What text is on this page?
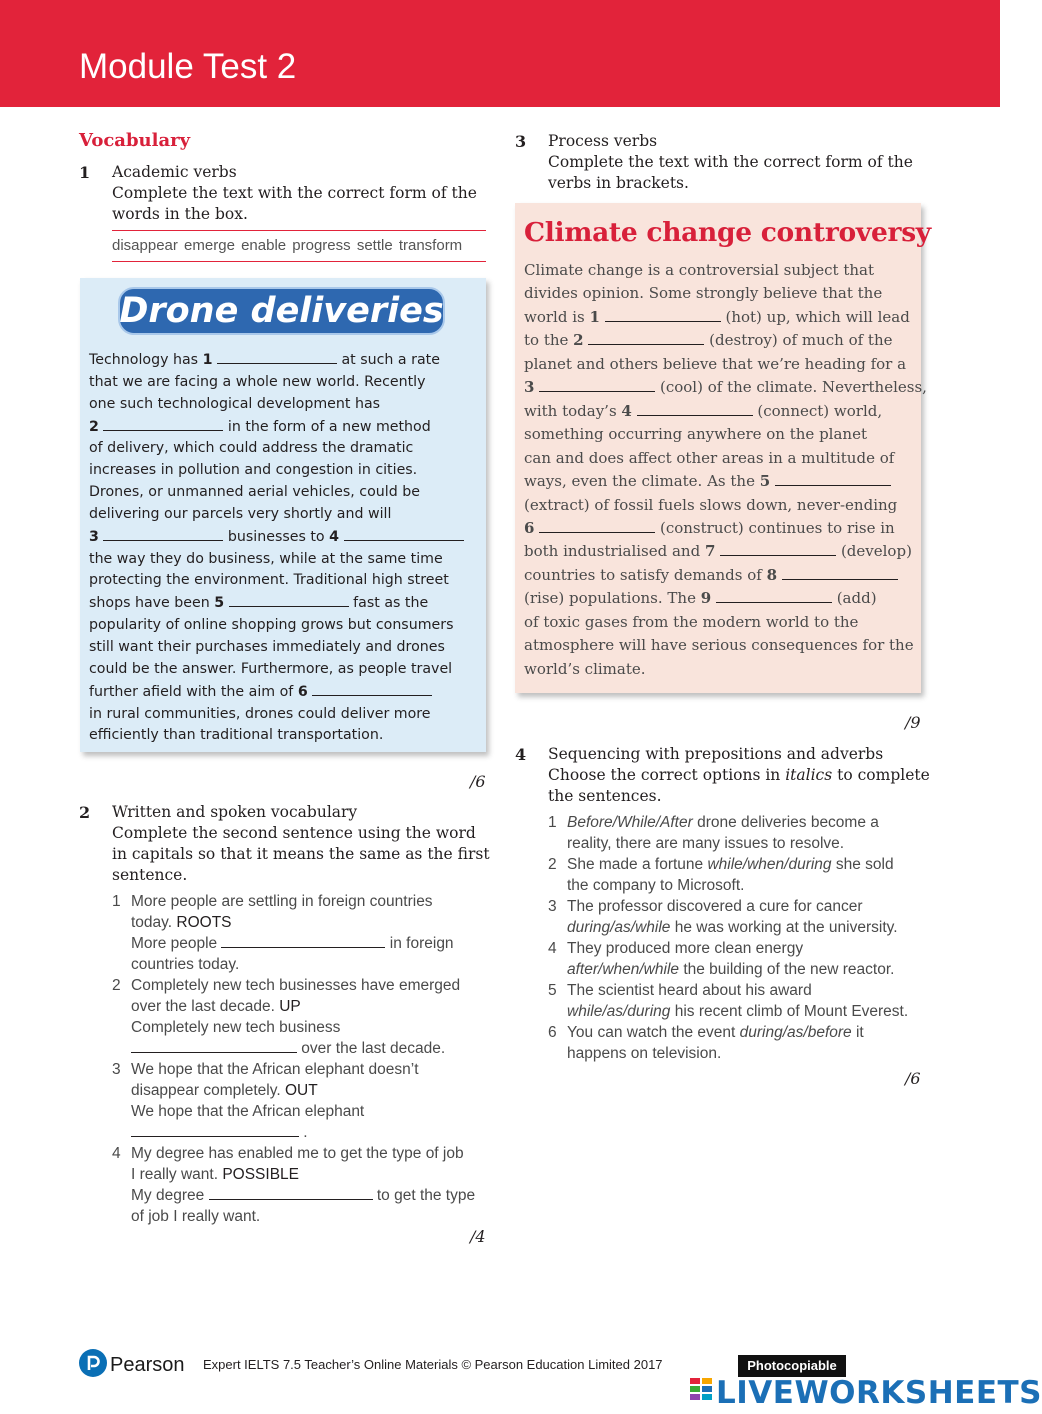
Module Test 2
Vocabulary
1 Academic verbs
Complete the text with the correct form of the
words in the box.
disappear emerge enable progress settle transform
Drone deliveries
Technology has 1	at such a rate
that we are facing a whole new world. Recently
one such technological development has
2	in the form of a new method
of delivery, which could address the dramatic
increases in pollution and congestion in cities.
Drones, or unmanned aerial vehicles, could be
delivering our parcels very shortly and will
3	businesses to 4
the way they do business, while at the same time
protecting the environment. Traditional high street
shops have been 5	fast as the
popularity of online shopping grows but consumers
still want their purchases immediately and drones
could be the answer. Furthermore, as people travel
further afield with the aim of 6
in rural communities, drones could deliver more
efficiently than traditional transportation.
/6
2 Written and spoken vocabulary
Complete the second sentence using the word
in capitals so that it means the same as the first
sentence.
1 More people are settling in foreign countries
today. ROOTS
More people	in foreign
countries today.
2 Completely new tech businesses have emerged
over the last decade. UP
Completely new tech business
over the last decade.
3 We hope that the African elephant doesn’t
disappear completely. OUT
We hope that the African elephant
.
4 My degree has enabled me to get the type of job
I really want. POSSIBLE
My degree	to get the type
of job I really want.
/4
3 Process verbs
Complete the text with the correct form of the
verbs in brackets.
Climate change controversy
Climate change is a controversial subject that
divides opinion. Some strongly believe that the
world is 1	(hot) up, which will lead
to the 2	(destroy) of much of the
planet and others believe that we’re heading for a
3	(cool) of the climate. Nevertheless,
with today’s 4	(connect) world,
something occurring anywhere on the planet
can and does affect other areas in a multitude of
ways, even the climate. As the 5
(extract) of fossil fuels slows down, never-ending
6	(construct) continues to rise in
both industrialised and 7	(develop)
countries to satisfy demands of 8
(rise) populations. The 9	(add)
of toxic gases from the modern world to the
atmosphere will have serious consequences for the
world’s climate.
/9
4 Sequencing with prepositions and adverbs
Choose the correct options in italics to complete
the sentences.
1 Before/While/After drone deliveries become a
reality, there are many issues to resolve.
2 She made a fortune while/when/during she sold
the company to Microsoft.
3 The professor discovered a cure for cancer
during/as/while he was working at the university.
4 They produced more clean energy
after/when/while the building of the new reactor.
5 The scientist heard about his award
while/as/during his recent climb of Mount Everest.
6 You can watch the event during/as/before it
happens on television.
/6
Pearson Expert IELTS 7.5 Teacher’s Online Materials © Pearson Education Limited 2017	Photocopiable
LIVEWORKSHEETS
